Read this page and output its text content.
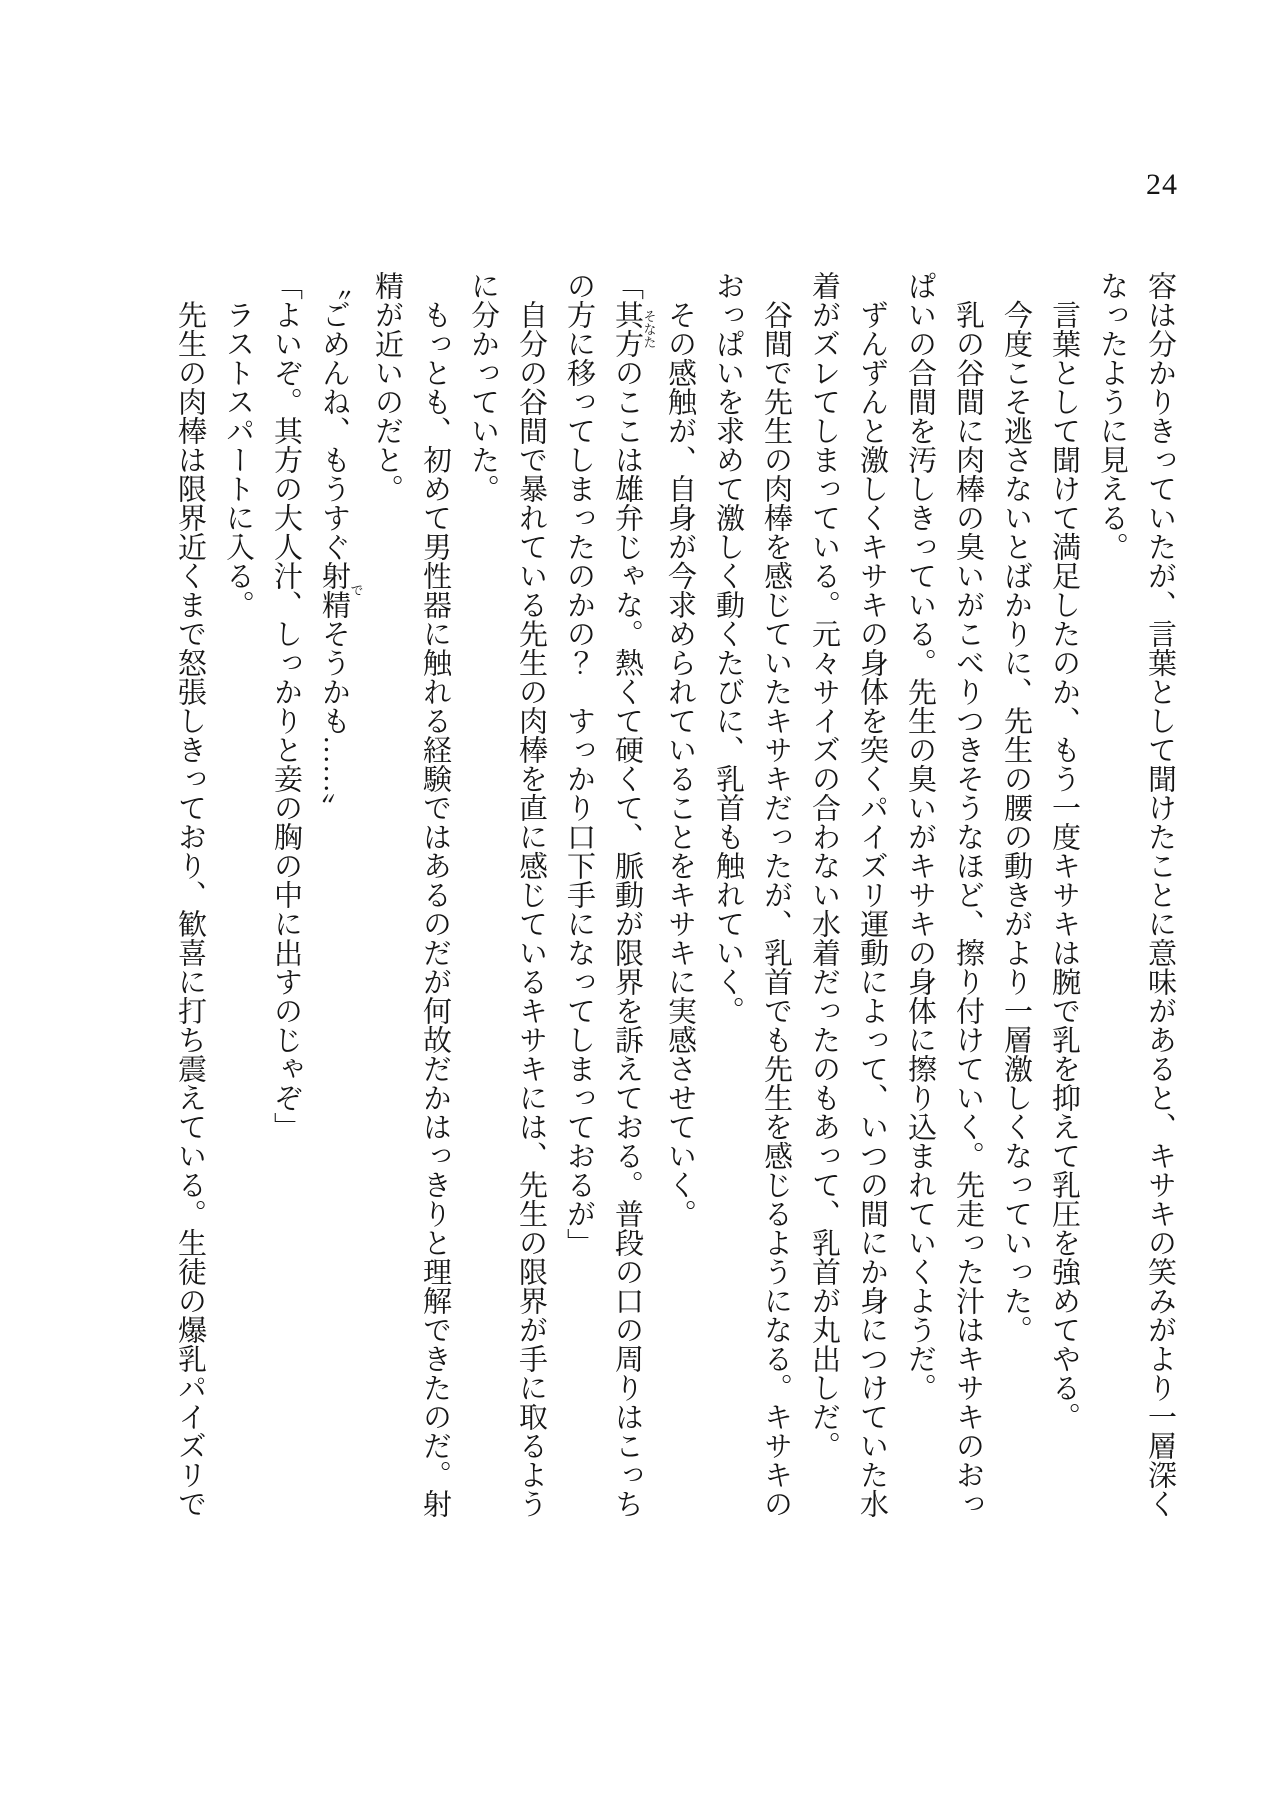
24

容は分かりきっていたが、言葉として聞けたことに意味があると、キサキの笑みがより一層深く

なったように見える。

言葉として聞けて満足したのか、もう一度キサキは腕で乳を抑えて乳圧を強めてやる。

今度こそ逃さないとばかりに、先生の腰の動きがより一層激しくなっていった。

乳の谷間に肉棒の臭いがこべりつきそうなほど、擦り付けていく。先走った汁はキサキのおっ

ぱいの合間を汚しきっている。先生の臭いがキサキの身体に擦り込まれていくようだ。

ずんずんと激しくキサキの身体を突くパイズリ運動によって、いつの間にか身につけていた水

着がズレてしまっている。元々サイズの合わない水着だったのもあって、乳首が丸出しだ。

谷間で先生の肉棒を感じていたキサキだったが、乳首でも先生を感じるようになる。キサキの

おっぱいを求めて激しく動くたびに、乳首も触れていく。

その感触が、自身が今求められていることをキサキに実感させていく。

「其方そなたのここは雄弁じゃな。熱くて硬くて、脈動が限界を訴えておる。普段の口の周りはこっち

の方に移ってしまったのかの？　すっかり口下手になってしまっておるが」

自分の谷間で暴れている先生の肉棒を直に感じているキサキには、先生の限界が手に取るよう

に分かっていた。

もっとも、初めて男性器に触れる経験ではあるのだが何故だかはっきりと理解できたのだ。射

精が近いのだと。

〝ごめんね、もうすぐ射精でそうかも……〟

「よいぞ。其方の大人汁、しっかりと妾の胸の中に出すのじゃぞ」

ラストスパートに入る。

先生の肉棒は限界近くまで怒張しきっており、歓喜に打ち震えている。生徒の爆乳パイズリで
